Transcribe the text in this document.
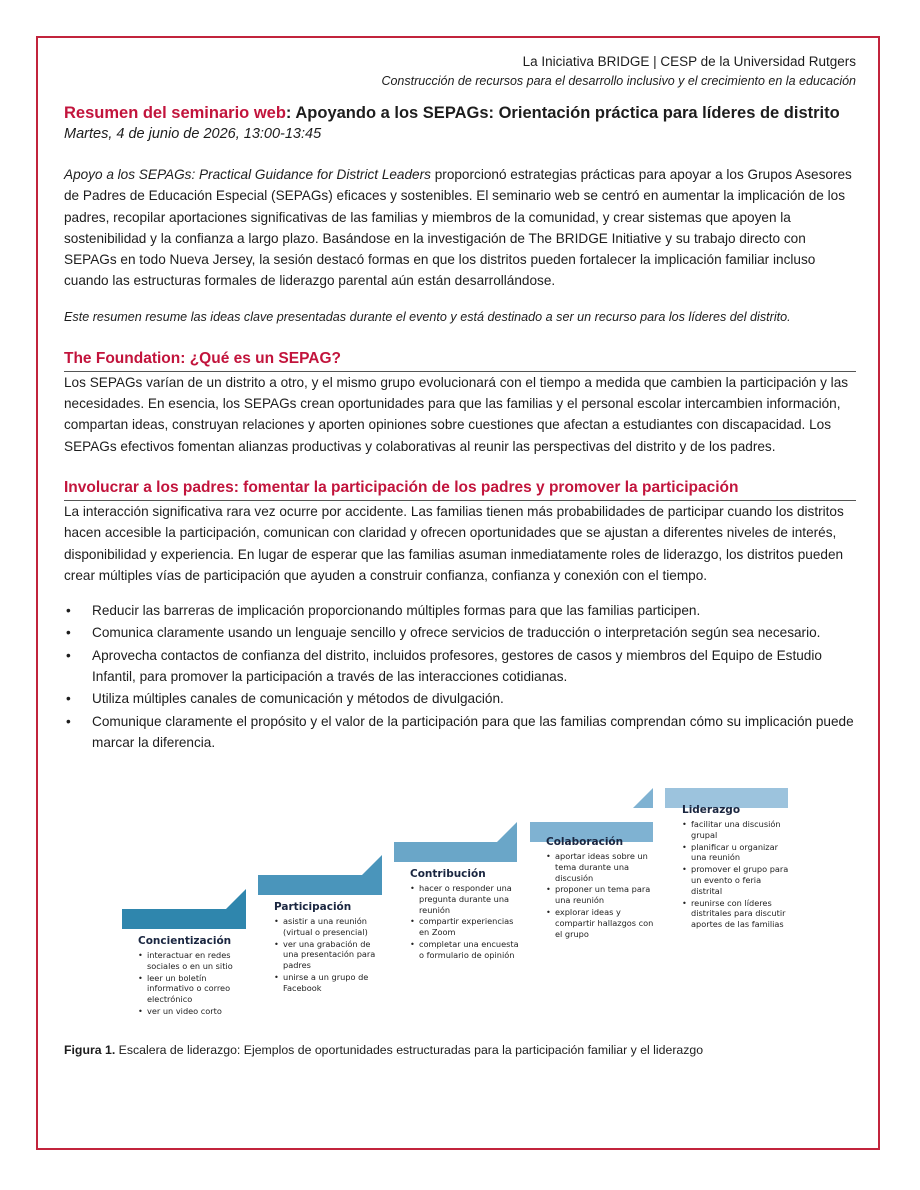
La Iniciativa BRIDGE | CESP de la Universidad Rutgers
Construcción de recursos para el desarrollo inclusivo y el crecimiento en la educación
Resumen del seminario web: Apoyando a los SEPAGs: Orientación práctica para líderes de distrito
Martes, 4 de junio de 2026, 13:00-13:45

Apoyo a los SEPAGs: Practical Guidance for District Leaders proporcionó estrategias prácticas para apoyar a los Grupos Asesores de Padres de Educación Especial (SEPAGs) eficaces y sostenibles. El seminario web se centró en aumentar la implicación de los padres, recopilar aportaciones significativas de las familias y miembros de la comunidad, y crear sistemas que apoyen la sostenibilidad y la confianza a largo plazo. Basándose en la investigación de The BRIDGE Initiative y su trabajo directo con SEPAGs en todo Nueva Jersey, la sesión destacó formas en que los distritos pueden fortalecer la implicación familiar incluso cuando las estructuras formales de liderazgo parental aún están desarrollándose.

Este resumen resume las ideas clave presentadas durante el evento y está destinado a ser un recurso para los líderes del distrito.

The Foundation: ¿Qué es un SEPAG?

Los SEPAGs varían de un distrito a otro, y el mismo grupo evolucionará con el tiempo a medida que cambien la participación y las necesidades. En esencia, los SEPAGs crean oportunidades para que las familias y el personal escolar intercambien información, compartan ideas, construyan relaciones y aporten opiniones sobre cuestiones que afectan a estudiantes con discapacidad. Los SEPAGs efectivos fomentan alianzas productivas y colaborativas al reunir las perspectivas del distrito y de los padres.

Involucrar a los padres: fomentar la participación de los padres y promover la participación

La interacción significativa rara vez ocurre por accidente. Las familias tienen más probabilidades de participar cuando los distritos hacen accesible la participación, comunican con claridad y ofrecen oportunidades que se ajustan a diferentes niveles de interés, disponibilidad y experiencia. En lugar de esperar que las familias asuman inmediatamente roles de liderazgo, los distritos pueden crear múltiples vías de participación que ayuden a construir confianza, confianza y conexión con el tiempo.

• Reducir las barreras de implicación proporcionando múltiples formas para que las familias participen.
• Comunica claramente usando un lenguaje sencillo y ofrece servicios de traducción o interpretación según sea necesario.
• Aprovecha contactos de confianza del distrito, incluidos profesores, gestores de casos y miembros del Equipo de Estudio Infantil, para promover la participación a través de las interacciones cotidianas.
• Utiliza múltiples canales de comunicación y métodos de divulgación.
• Comunique claramente el propósito y el valor de la participación para que las familias comprendan cómo su implicación puede marcar la diferencia.
Concientización
• interactuar en redes sociales o en un sitio
• leer un boletín informativo o correo electrónico
• ver un video corto
Participación
• asistir a una reunión (virtual o presencial)
• ver una grabación de una presentación para padres
• unirse a un grupo de Facebook
Contribución
• hacer o responder una pregunta durante una reunión
• compartir experiencias en Zoom
• completar una encuesta o formulario de opinión
Colaboración
• aportar ideas sobre un tema durante una discusión
• proponer un tema para una reunión
• explorar ideas y compartir hallazgos con el grupo
Liderazgo
• facilitar una discusión grupal
• planificar u organizar una reunión
• promover el grupo para un evento o feria distrital
• reunirse con líderes distritales para discutir aportes de las familias
Figura 1. Escalera de liderazgo: Ejemplos de oportunidades estructuradas para la participación familiar y el liderazgo
